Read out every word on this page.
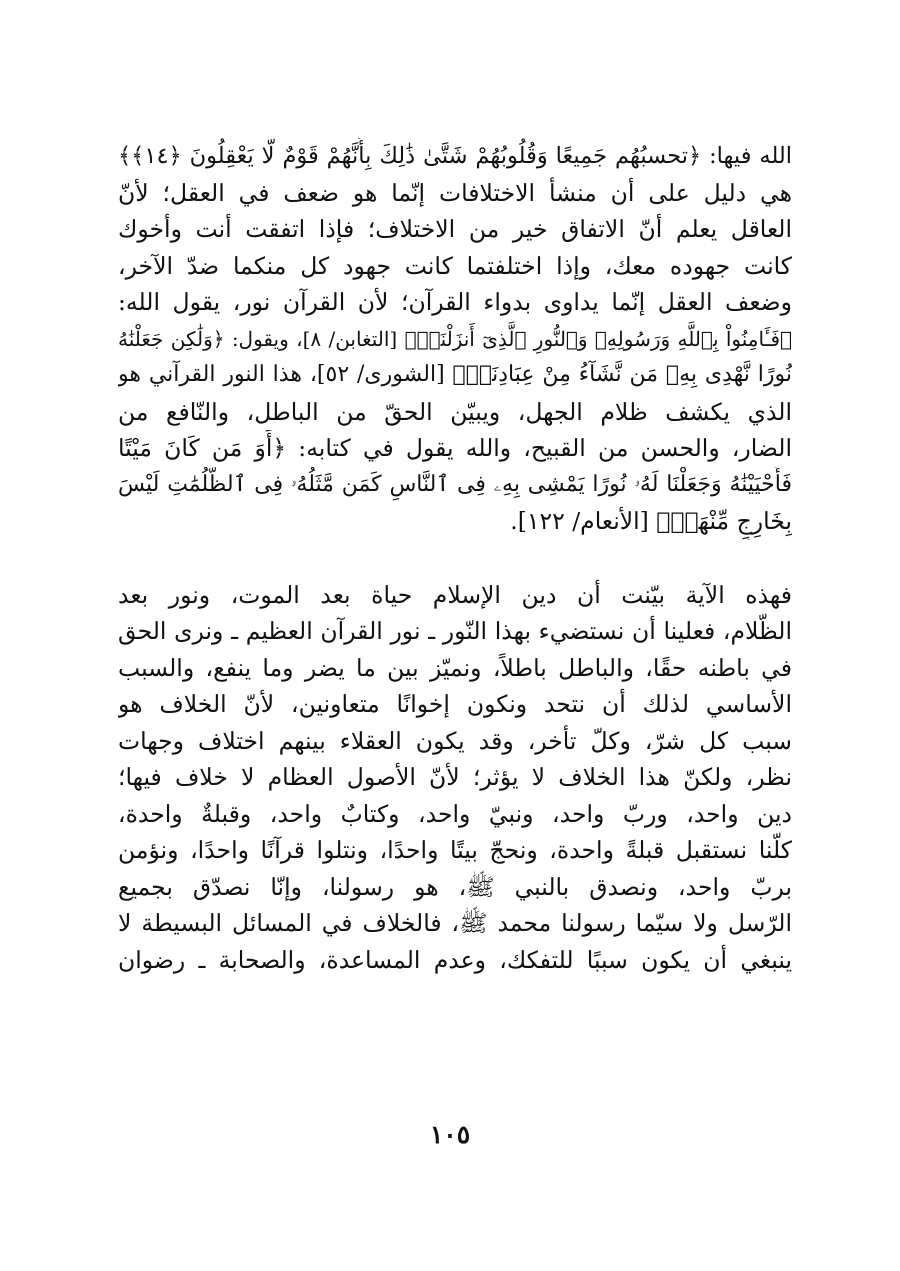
الله فيها: ﴿تحسبُهُم جَمِيعًا وَقُلُوبُهُمْ شَتَّىٰ ذَٰلِكَ بِأَنَّهُمْ قَوْمٌ لَّا يَعْقِلُونَ ﴿١٤﴾﴾
هي دليل على أن منشأ الاختلافات إنّما هو ضعف في العقل؛ لأنّ
العاقل يعلم أنّ الاتفاق خير من الاختلاف؛ فإذا اتفقت أنت وأخوك
كانت جهوده معك، وإذا اختلفتما كانت جهود كل منكما ضدّ الآخر،
وضعف العقل إنّما يداوى بدواء القرآن؛ لأن القرآن نور، يقول الله:
﴿فَـَٔامِنُواْ بِٱللَّهِ وَرَسُولِهِۦ وَٱلنُّورِ ٱلَّذِىٓ أَنزَلْنَاۚ﴾ [التغابن/ ٨]، ويقول: ﴿وَلَٰكِن جَعَلْنَٰهُ
نُورًا نَّهْدِى بِهِۦ مَن نَّشَآءُ مِنْ عِبَادِنَاۚ﴾ [الشورى/ ٥٢]، هذا النور القرآني هو
الذي يكشف ظلام الجهل، ويبيّن الحقّ من الباطل، والنّافع من
الضار، والحسن من القبيح، والله يقول في كتابه: ﴿أَوَ مَن كَانَ مَيْتًا
فَأَحْيَيْنَٰهُ وَجَعَلْنَا لَهُۥ نُورًا يَمْشِى بِهِۦ فِى ٱلنَّاسِ كَمَن مَّثَلُهُۥ فِى ٱلظُّلُمَٰتِ لَيْسَ
بِخَارِجٍ مِّنْهَاۚ﴾ [الأنعام/ ١٢٢].
فهذه الآية بيّنت أن دين الإسلام حياة بعد الموت، ونور بعد
الظّلام، فعلينا أن نستضيء بهذا النّور ـ نور القرآن العظيم ـ ونرى الحق
في باطنه حقًا، والباطل باطلاً، ونميّز بين ما يضر وما ينفع، والسبب
الأساسي لذلك أن نتحد ونكون إخوانًا متعاونين، لأنّ الخلاف هو
سبب كل شرّ، وكلّ تأخر، وقد يكون العقلاء بينهم اختلاف وجهات
نظر، ولكنّ هذا الخلاف لا يؤثر؛ لأنّ الأصول العظام لا خلاف فيها؛
دين واحد، وربّ واحد، ونبيّ واحد، وكتابٌ واحد، وقبلةٌ واحدة،
كلّنا نستقبل قبلةً واحدة، ونحجّ بيتًا واحدًا، ونتلوا قرآنًا واحدًا، ونؤمن
بربّ واحد، ونصدق بالنبي ﷺ، هو رسولنا، وإنّا نصدّق بجميع
الرّسل ولا سيّما رسولنا محمد ﷺ، فالخلاف في المسائل البسيطة لا
ينبغي أن يكون سببًا للتفكك، وعدم المساعدة، والصحابة ـ رضوان
١٠٥
